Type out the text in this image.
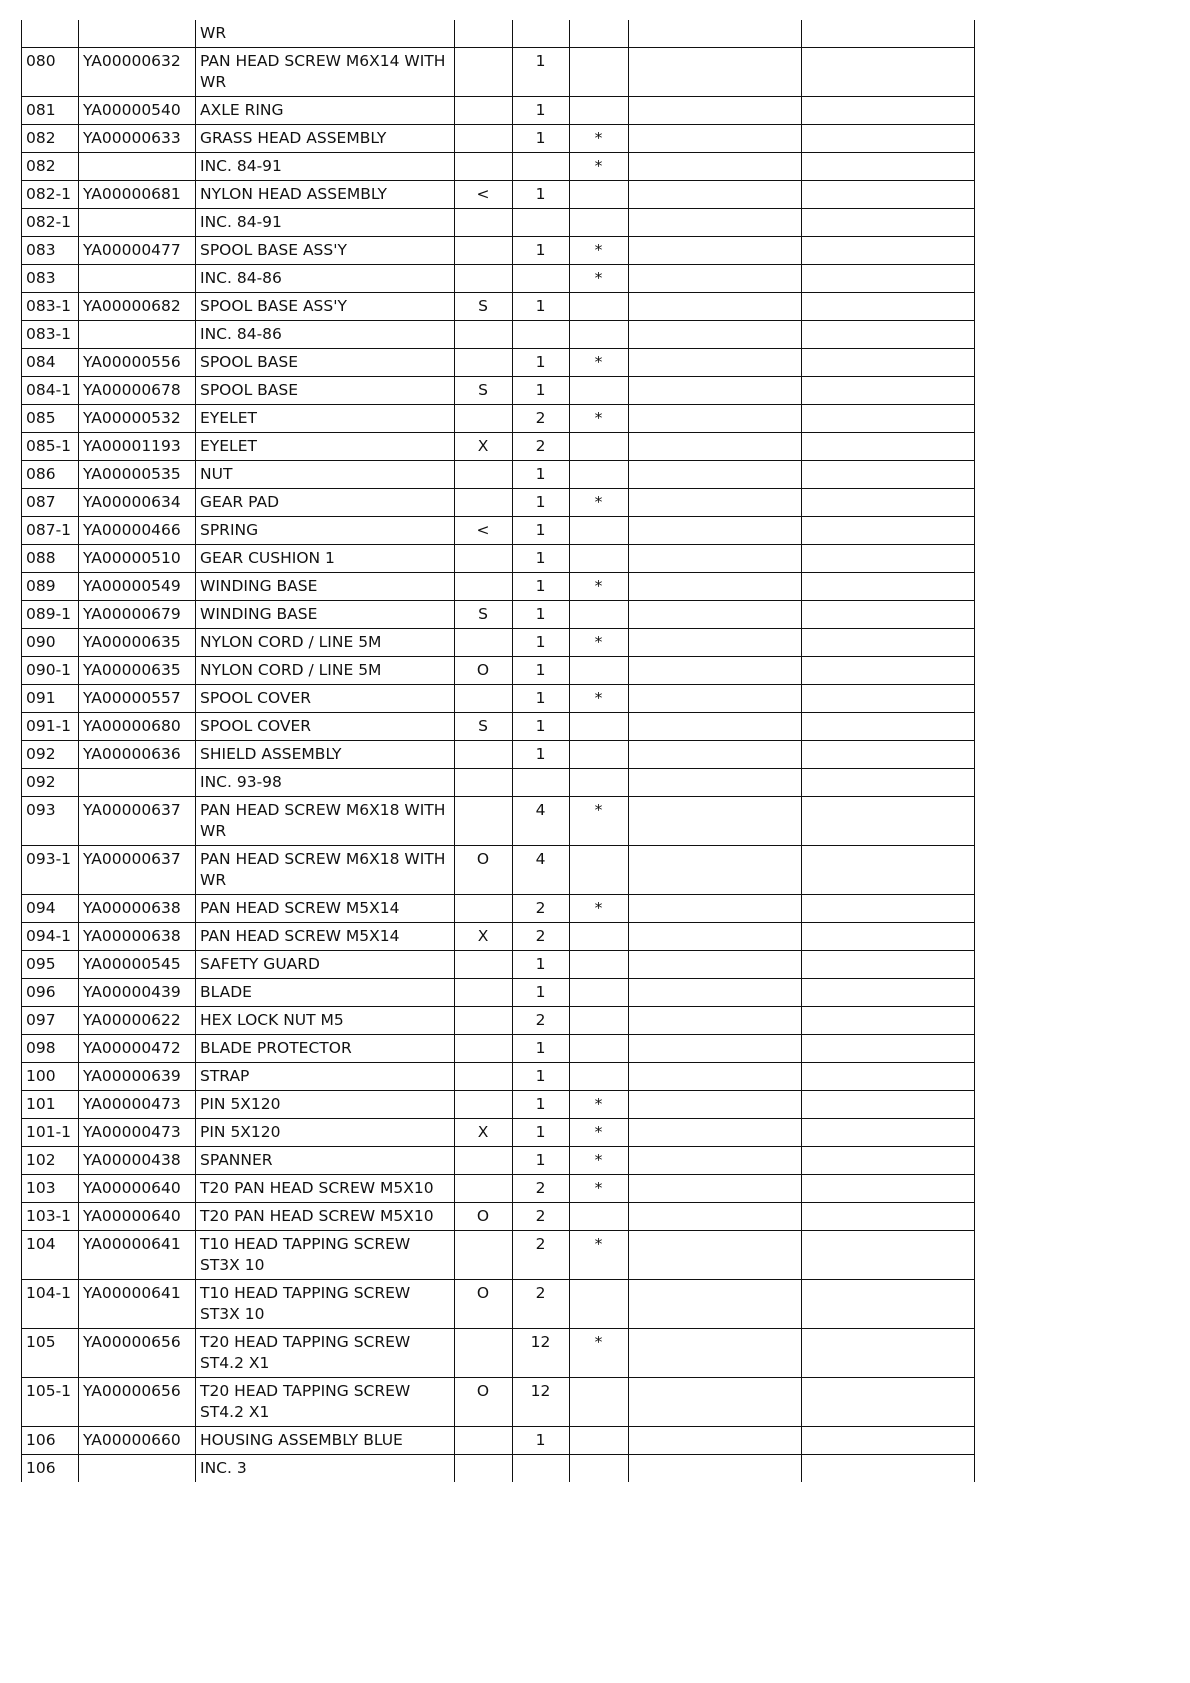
		WR					
080	YA00000632	PAN HEAD SCREW M6X14 WITH WR		1			
081	YA00000540	AXLE RING		1			
082	YA00000633	GRASS HEAD ASSEMBLY		1	*		
082		INC. 84-91			*		
082-1	YA00000681	NYLON HEAD ASSEMBLY	<	1			
082-1		INC. 84-91					
083	YA00000477	SPOOL BASE ASS'Y		1	*		
083		INC. 84-86			*		
083-1	YA00000682	SPOOL BASE ASS'Y	S	1			
083-1		INC. 84-86					
084	YA00000556	SPOOL BASE		1	*		
084-1	YA00000678	SPOOL BASE	S	1			
085	YA00000532	EYELET		2	*		
085-1	YA00001193	EYELET	X	2			
086	YA00000535	NUT		1			
087	YA00000634	GEAR PAD		1	*		
087-1	YA00000466	SPRING	<	1			
088	YA00000510	GEAR CUSHION 1		1			
089	YA00000549	WINDING BASE		1	*		
089-1	YA00000679	WINDING BASE	S	1			
090	YA00000635	NYLON CORD / LINE 5M		1	*		
090-1	YA00000635	NYLON CORD / LINE 5M	O	1			
091	YA00000557	SPOOL COVER		1	*		
091-1	YA00000680	SPOOL COVER	S	1			
092	YA00000636	SHIELD ASSEMBLY		1			
092		INC. 93-98					
093	YA00000637	PAN HEAD SCREW M6X18 WITH WR		4	*		
093-1	YA00000637	PAN HEAD SCREW M6X18 WITH WR	O	4			
094	YA00000638	PAN HEAD SCREW M5X14		2	*		
094-1	YA00000638	PAN HEAD SCREW M5X14	X	2			
095	YA00000545	SAFETY GUARD		1			
096	YA00000439	BLADE		1			
097	YA00000622	HEX LOCK NUT M5		2			
098	YA00000472	BLADE PROTECTOR		1			
100	YA00000639	STRAP		1			
101	YA00000473	PIN 5X120		1	*		
101-1	YA00000473	PIN 5X120	X	1	*		
102	YA00000438	SPANNER		1	*		
103	YA00000640	T20 PAN HEAD SCREW M5X10		2	*		
103-1	YA00000640	T20 PAN HEAD SCREW M5X10	O	2			
104	YA00000641	T10 HEAD TAPPING SCREW ST3X 10		2	*		
104-1	YA00000641	T10 HEAD TAPPING SCREW ST3X 10	O	2			
105	YA00000656	T20 HEAD TAPPING SCREW ST4.2 X1		12	*		
105-1	YA00000656	T20 HEAD TAPPING SCREW ST4.2 X1	O	12			
106	YA00000660	HOUSING ASSEMBLY BLUE		1			
106		INC. 3					
